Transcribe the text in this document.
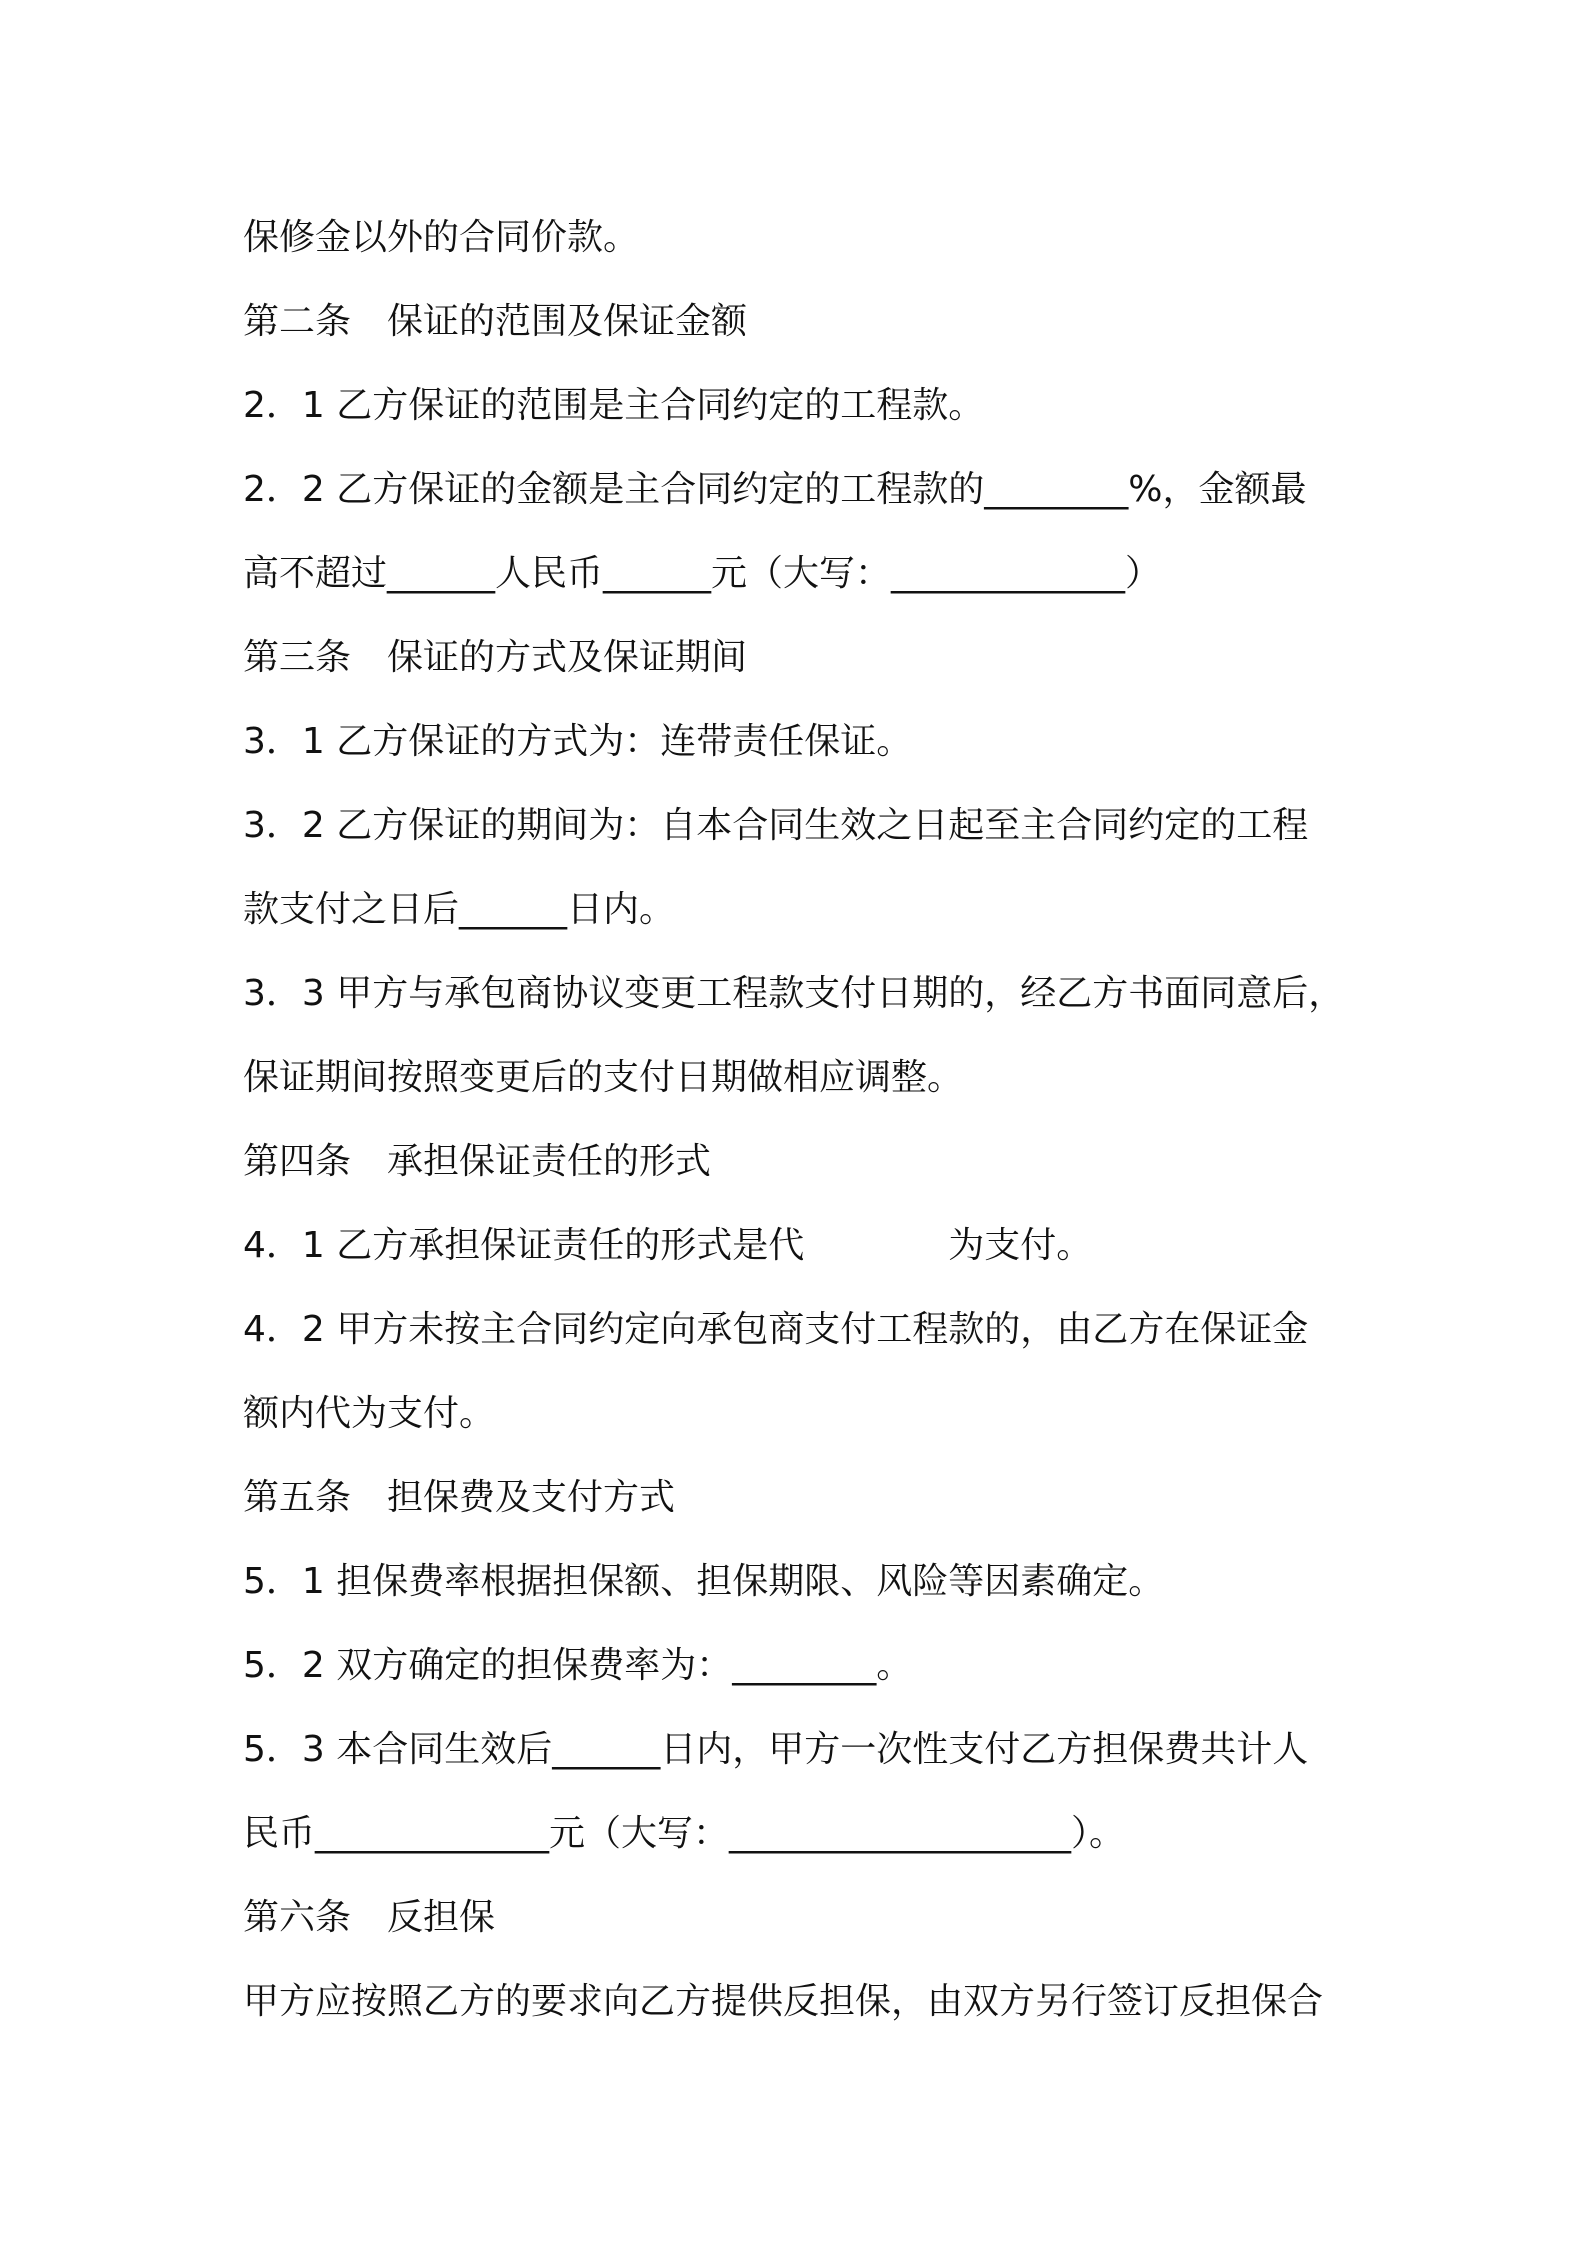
保修金以外的合同价款。
第二条　保证的范围及保证金额
2．1 乙方保证的范围是主合同约定的工程款。
2．2 乙方保证的金额是主合同约定的工程款的________%，金额最
高不超过______人民币______元（大写：_____________）
第三条　保证的方式及保证期间
3．1 乙方保证的方式为：连带责任保证。
3．2 乙方保证的期间为：自本合同生效之日起至主合同约定的工程
款支付之日后______日内。
3．3 甲方与承包商协议变更工程款支付日期的，经乙方书面同意后，
保证期间按照变更后的支付日期做相应调整。
第四条　承担保证责任的形式
4．1 乙方承担保证责任的形式是代　　　　为支付。
4．2 甲方未按主合同约定向承包商支付工程款的，由乙方在保证金
额内代为支付。
第五条　担保费及支付方式
5．1 担保费率根据担保额、担保期限、风险等因素确定。
5．2 双方确定的担保费率为：________。
5．3 本合同生效后______日内，甲方一次性支付乙方担保费共计人
民币_____________元（大写：___________________）。
第六条　反担保
甲方应按照乙方的要求向乙方提供反担保，由双方另行签订反担保合
